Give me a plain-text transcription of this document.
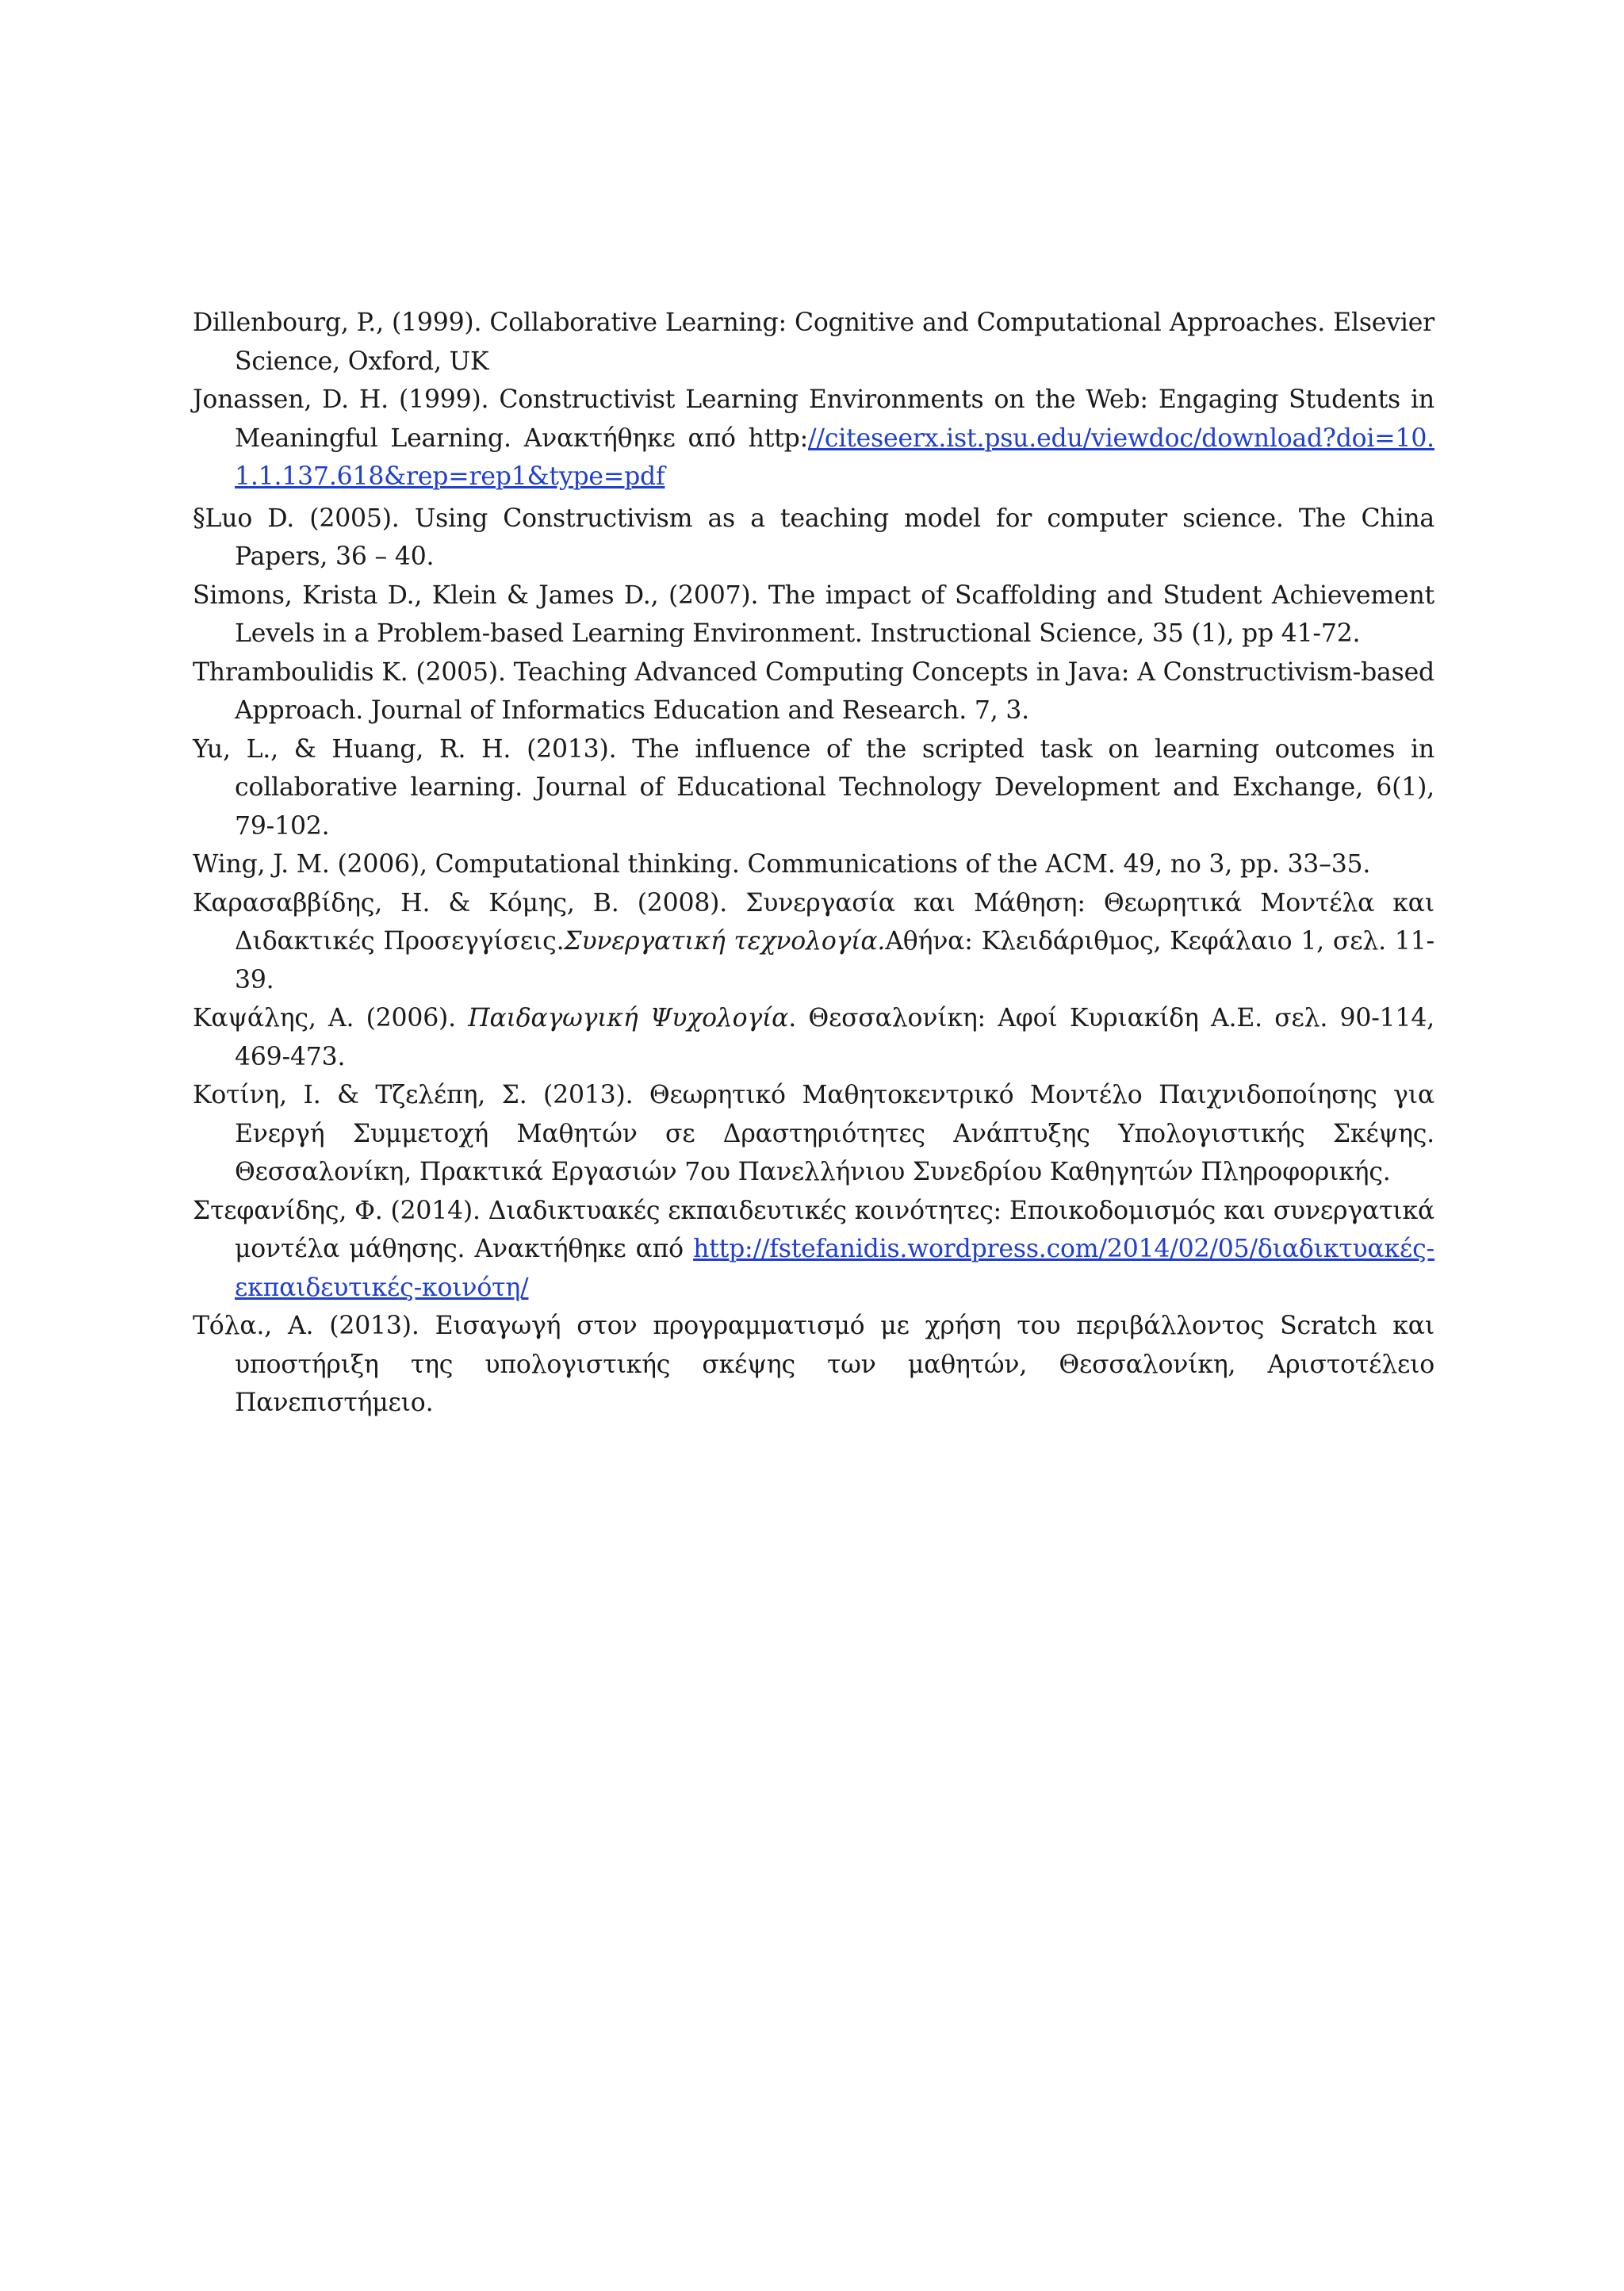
Dillenbourg, P., (1999). Collaborative Learning: Cognitive and Computational Approaches. Elsevier Science, Oxford, UK

Jonassen, D. H. (1999). Constructivist Learning Environments on the Web: Engaging Students in Meaningful Learning. Ανακτήθηκε από http://citeseerx.ist.psu.edu/viewdoc/download?doi=10.1.1.137.618&rep=rep1&type=pdf

§Luo D. (2005). Using Constructivism as a teaching model for computer science. The China Papers, 36 – 40.

Simons, Krista D., Klein & James D., (2007). The impact of Scaffolding and Student Achievement Levels in a Problem-based Learning Environment. Instructional Science, 35 (1), pp 41-72.

Thramboulidis K. (2005). Teaching Advanced Computing Concepts in Java: A Constructivism-based Approach. Journal of Informatics Education and Research. 7, 3.

Yu, L., & Huang, R. H. (2013). The influence of the scripted task on learning outcomes in collaborative learning. Journal of Educational Technology Development and Exchange, 6(1), 79-102.

Wing, J. M. (2006), Computational thinking. Communications of the ACM. 49, no 3, pp. 33–35.

Καρασαββίδης, Η. & Κόμης, Β. (2008). Συνεργασία και Μάθηση: Θεωρητικά Μοντέλα και Διδακτικές Προσεγγίσεις.Συνεργατική τεχνολογία.Αθήνα: Κλειδάριθμος, Κεφάλαιο 1, σελ. 11-39.

Καψάλης, Α. (2006). Παιδαγωγική Ψυχολογία. Θεσσαλονίκη: Αφοί Κυριακίδη Α.Ε. σελ. 90-114, 469-473.

Κοτίνη, Ι. & Τζελέπη, Σ. (2013). Θεωρητικό Μαθητοκεντρικό Μοντέλο Παιχνιδοποίησης για Ενεργή Συμμετοχή Μαθητών σε Δραστηριότητες Ανάπτυξης Υπολογιστικής Σκέψης. Θεσσαλονίκη, Πρακτικά Εργασιών 7ου Πανελλήνιου Συνεδρίου Καθηγητών Πληροφορικής.

Στεφανίδης, Φ. (2014). Διαδικτυακές εκπαιδευτικές κοινότητες: Εποικοδομισμός και συνεργατικά μοντέλα μάθησης. Ανακτήθηκε από http://fstefanidis.wordpress.com/2014/02/05/διαδικτυακές-εκπαιδευτικές-κοινότη/

Τόλα., Α. (2013). Εισαγωγή στον προγραμματισμό με χρήση του περιβάλλοντος Scratch και υποστήριξη της υπολογιστικής σκέψης των μαθητών, Θεσσαλονίκη, Αριστοτέλειο Πανεπιστήμειο.
